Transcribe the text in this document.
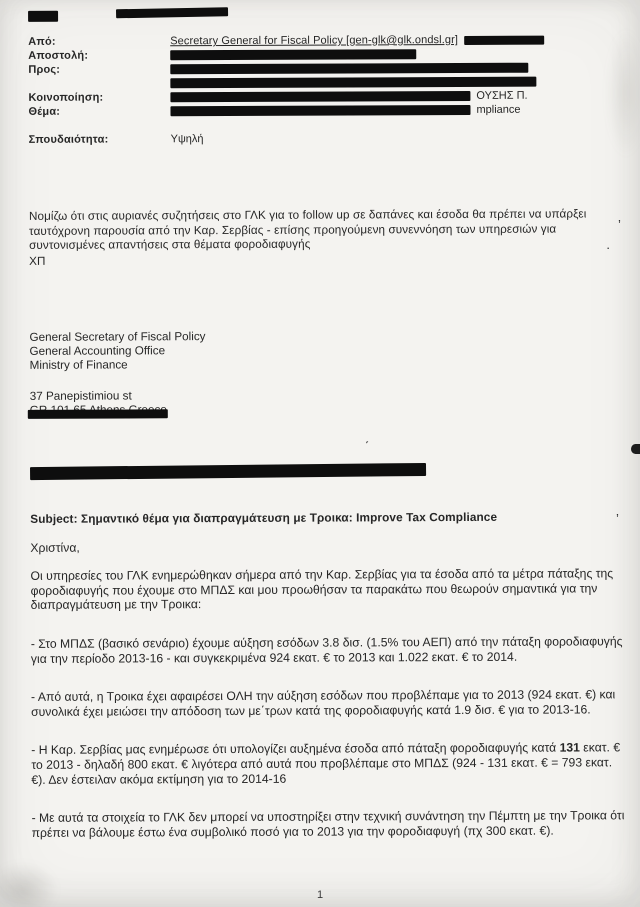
Από:	Secretary General for Fiscal Policy [gen-glk@glk.ondsl.gr]
Αποστολή:
Προς:
Κοινοποίηση:	ΟΥΣΗΣ Π.
Θέμα:	mpliance
Σπουδαιότητα:	Υψηλή
Νομίζω ότι στις αυριανές συζητήσεις στο ΓΛΚ για το follow up σε δαπάνες και έσοδα θα πρέπει να υπάρξει ταυτόχρονη παρουσία από την Καρ. Σερβίας - επίσης προηγούμενη συνεννόηση των υπηρεσιών για συντονισμένες απαντήσεις στα θέματα φοροδιαφυγής
ΧΠ
General Secretary of Fiscal Policy
General Accounting Office
Ministry of Finance
37 Panepistimiou st
Subject: Σημαντικό θέμα για διαπραγμάτευση με Τροικα: Improve Tax Compliance
Χριστίνα,
Οι υπηρεσίες του ΓΛΚ ενημερώθηκαν σήμερα από την Καρ. Σερβίας για τα έσοδα από τα μέτρα πάταξης της φοροδιαφυγής που έχουμε στο ΜΠΔΣ και μου προωθήσαν τα παρακάτω που θεωρούν σημαντικά για την διαπραγμάτευση με την Τροικα:
- Στο ΜΠΔΣ (βασικό σενάριο) έχουμε αύξηση εσόδων 3.8 δισ. (1.5% του ΑΕΠ) από την πάταξη φοροδιαφυγής για την περίοδο 2013-16 - και συγκεκριμένα 924 εκατ. € το 2013 και 1.022 εκατ. € το 2014.
- Από αυτά, η Τροικα έχει αφαιρέσει ΟΛΗ την αύξηση εσόδων που προβλέπαμε για το 2013 (924 εκατ. €) και συνολικά έχει μειώσει την απόδοση των με΄τρων κατά της φοροδιαφυγής κατά 1.9 δισ. € για το 2013-16.
- Η Καρ. Σερβίας μας ενημέρωσε ότι υπολογίζει αυξημένα έσοδα από πάταξη φοροδιαφυγής κατά 131 εκατ. € το 2013 - δηλαδή 800 εκατ. € λιγότερα από αυτά που προβλέπαμε στο ΜΠΔΣ (924 - 131 εκατ. € = 793 εκατ. €). Δεν έστειλαν ακόμα εκτίμηση για το 2014-16
- Με αυτά τα στοιχεία το ΓΛΚ δεν μπορεί να υποστηρίξει στην τεχνική συνάντηση την Πέμπτη με την Τροικα ότι πρέπει να βάλουμε έστω ένα συμβολικό ποσό για το 2013 για την φοροδιαφυγή (πχ 300 εκατ. €).
1
’
·
΄
’
